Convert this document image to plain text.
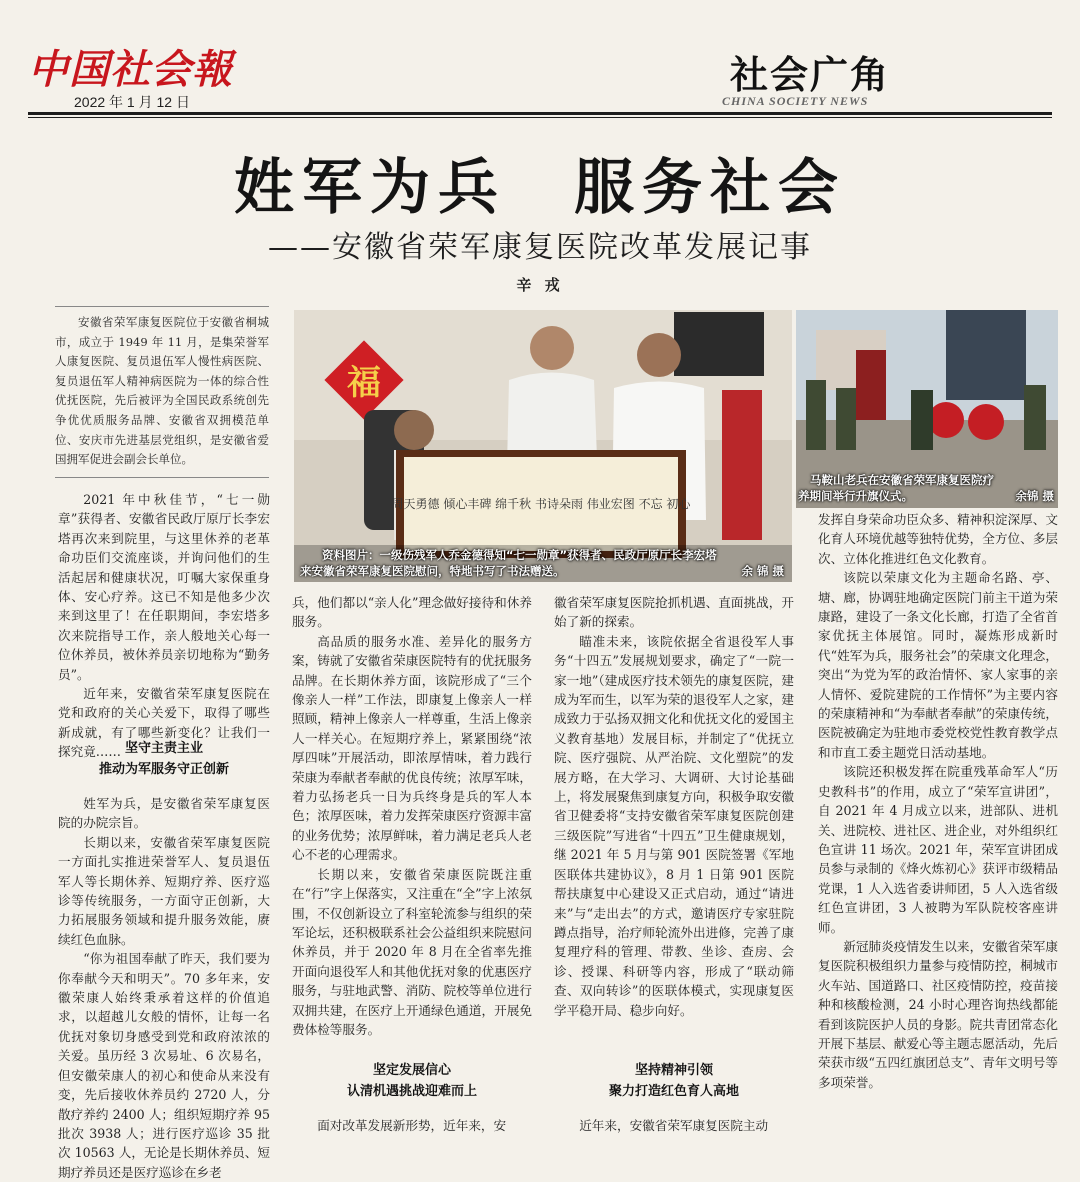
中国社会報
2022 年 1 月 12 日
社会广角
CHINA SOCIETY NEWS
姓军为兵　服务社会
——安徽省荣军康复医院改革发展记事
辛 戎

安徽省荣军康复医院位于安徽省桐城市，成立于 1949 年 11 月，是集荣誉军人康复医院、复员退伍军人慢性病医院、复员退伍军人精神病医院为一体的综合性优抚医院，先后被评为全国民政系统创先争优优质服务品牌、安徽省双拥模范单位、安庆市先进基层党组织，是安徽省爱国拥军促进会副会长单位。

2021 年中秋佳节，“七一勋章”获得者、安徽省民政厅原厅长李宏塔再次来到院里，与这里休养的老革命功臣们交流座谈，并询问他们的生活起居和健康状况，叮嘱大家保重身体、安心疗养。这已不知是他多少次来到这里了！在任职期间，李宏塔多次来院指导工作，亲人般地关心每一位休养员，被休养员亲切地称为“勤务员”。

近年来，安徽省荣军康复医院在党和政府的关心关爱下，取得了哪些新成就，有了哪些新变化？让我们一探究竟…… 坚守主责主业
推动为军服务守正创新

姓军为兵，是安徽省荣军康复医院的办院宗旨。

长期以来，安徽省荣军康复医院一方面扎实推进荣誉军人、复员退伍军人等长期休养、短期疗养、医疗巡诊等传统服务，一方面守正创新，大力拓展服务领域和提升服务效能，赓续红色血脉。

“你为祖国奉献了昨天，我们要为你奉献今天和明天”。70 多年来，安徽荣康人始终秉承着这样的价值追求，以超越儿女般的情怀，让每一名优抚对象切身感受到党和政府浓浓的关爱。虽历经 3 次易址、6 次易名，但安徽荣康人的初心和使命从来没有变，先后接收休养员约 2720 人，分散疗养约 2400 人；组织短期疗养 95 批次 3938 人；进行医疗巡诊 35 批次 10563 人，无论是长期休养员、短期疗养员还是医疗巡诊在乡老

福
周天勇德 倾心丰碑 绵千秋 书诗朵雨 伟业宏图 不忘 初心
资料图片：一级伤残军人乔金德得知“七一勋章”获得者、民政厅原厅长李宏塔
来安徽省荣军康复医院慰问，特地书写了书法赠送。	余 锦 摄
马鞍山老兵在安徽省荣军康复医院疗
养期间举行升旗仪式。	余锦 摄

兵，他们都以“亲人化”理念做好接待和休养服务。

高品质的服务水准、差异化的服务方案，铸就了安徽省荣康医院特有的优抚服务品牌。在长期休养方面，该院形成了“三个像亲人一样”工作法，即康复上像亲人一样照顾，精神上像亲人一样尊重，生活上像亲人一样关心。在短期疗养上，紧紧围绕“浓厚四味”开展活动，即浓厚情味，着力践行荣康为奉献者奉献的优良传统；浓厚军味，着力弘扬老兵一日为兵终身是兵的军人本色；浓厚医味，着力发挥荣康医疗资源丰富的业务优势；浓厚鲜味，着力满足老兵人老心不老的心理需求。

长期以来，安徽省荣康医院既注重在“行”字上保落实，又注重在“全”字上浓氛围，不仅创新设立了科室轮流参与组织的荣军论坛，还积极联系社会公益组织来院慰问休养员，并于 2020 年 8 月在全省率先推开面向退役军人和其他优抚对象的优惠医疗服务，与驻地武警、消防、院校等单位进行双拥共建，在医疗上开通绿色通道，开展免费体检等服务。

坚定发展信心
认清机遇挑战迎难而上

面对改革发展新形势，近年来，安

徽省荣军康复医院抢抓机遇、直面挑战，开始了新的探索。

瞄准未来，该院依据全省退役军人事务“十四五”发展规划要求，确定了“一院一家一地”（建成医疗技术领先的康复医院，建成为军而生，以军为荣的退役军人之家，建成致力于弘扬双拥文化和优抚文化的爱国主义教育基地）发展目标，并制定了“优抚立院、医疗强院、从严治院、文化塑院”的发展方略，在大学习、大调研、大讨论基础上，将发展聚焦到康复方向，积极争取安徽省卫健委将“支持安徽省荣军康复医院创建三级医院”写进省“十四五”卫生健康规划，继 2021 年 5 月与第 901 医院签署《军地医联体共建协议》，8 月 1 日第 901 医院帮扶康复中心建设又正式启动，通过“请进来”与“走出去”的方式，邀请医疗专家驻院蹲点指导，治疗师轮流外出进修，完善了康复理疗科的管理、带教、坐诊、查房、会诊、授课、科研等内容，形成了“联动筛查、双向转诊”的医联体模式，实现康复医学平稳开局、稳步向好。

坚持精神引领
聚力打造红色育人高地

近年来，安徽省荣军康复医院主动

发挥自身荣命功臣众多、精神积淀深厚、文化育人环境优越等独特优势，全方位、多层次、立体化推进红色文化教育。

该院以荣康文化为主题命名路、亭、塘、廊，协调驻地确定医院门前主干道为荣康路，建设了一条文化长廊，打造了全省首家优抚主体展馆。同时，凝炼形成新时代“姓军为兵，服务社会”的荣康文化理念，突出“为党为军的政治情怀、家人家事的亲人情怀、爱院建院的工作情怀”为主要内容的荣康精神和“为奉献者奉献”的荣康传统，医院被确定为驻地市委党校党性教育教学点和市直工委主题党日活动基地。

该院还积极发挥在院重残革命军人“历史教科书”的作用，成立了“荣军宣讲团”，自 2021 年 4 月成立以来，进部队、进机关、进院校、进社区、进企业，对外组织红色宣讲 11 场次。2021 年，荣军宣讲团成员参与录制的《烽火炼初心》获评市级精品党课，1 人入选省委讲师团，5 人入选省级红色宣讲团，3 人被聘为军队院校客座讲师。

新冠肺炎疫情发生以来，安徽省荣军康复医院积极组织力量参与疫情防控，桐城市火车站、国道路口、社区疫情防控，疫苗接种和核酸检测，24 小时心理咨询热线都能看到该院医护人员的身影。院共青团常态化开展下基层、献爱心等主题志愿活动，先后荣获市级“五四红旗团总支”、青年文明号等多项荣誉。
